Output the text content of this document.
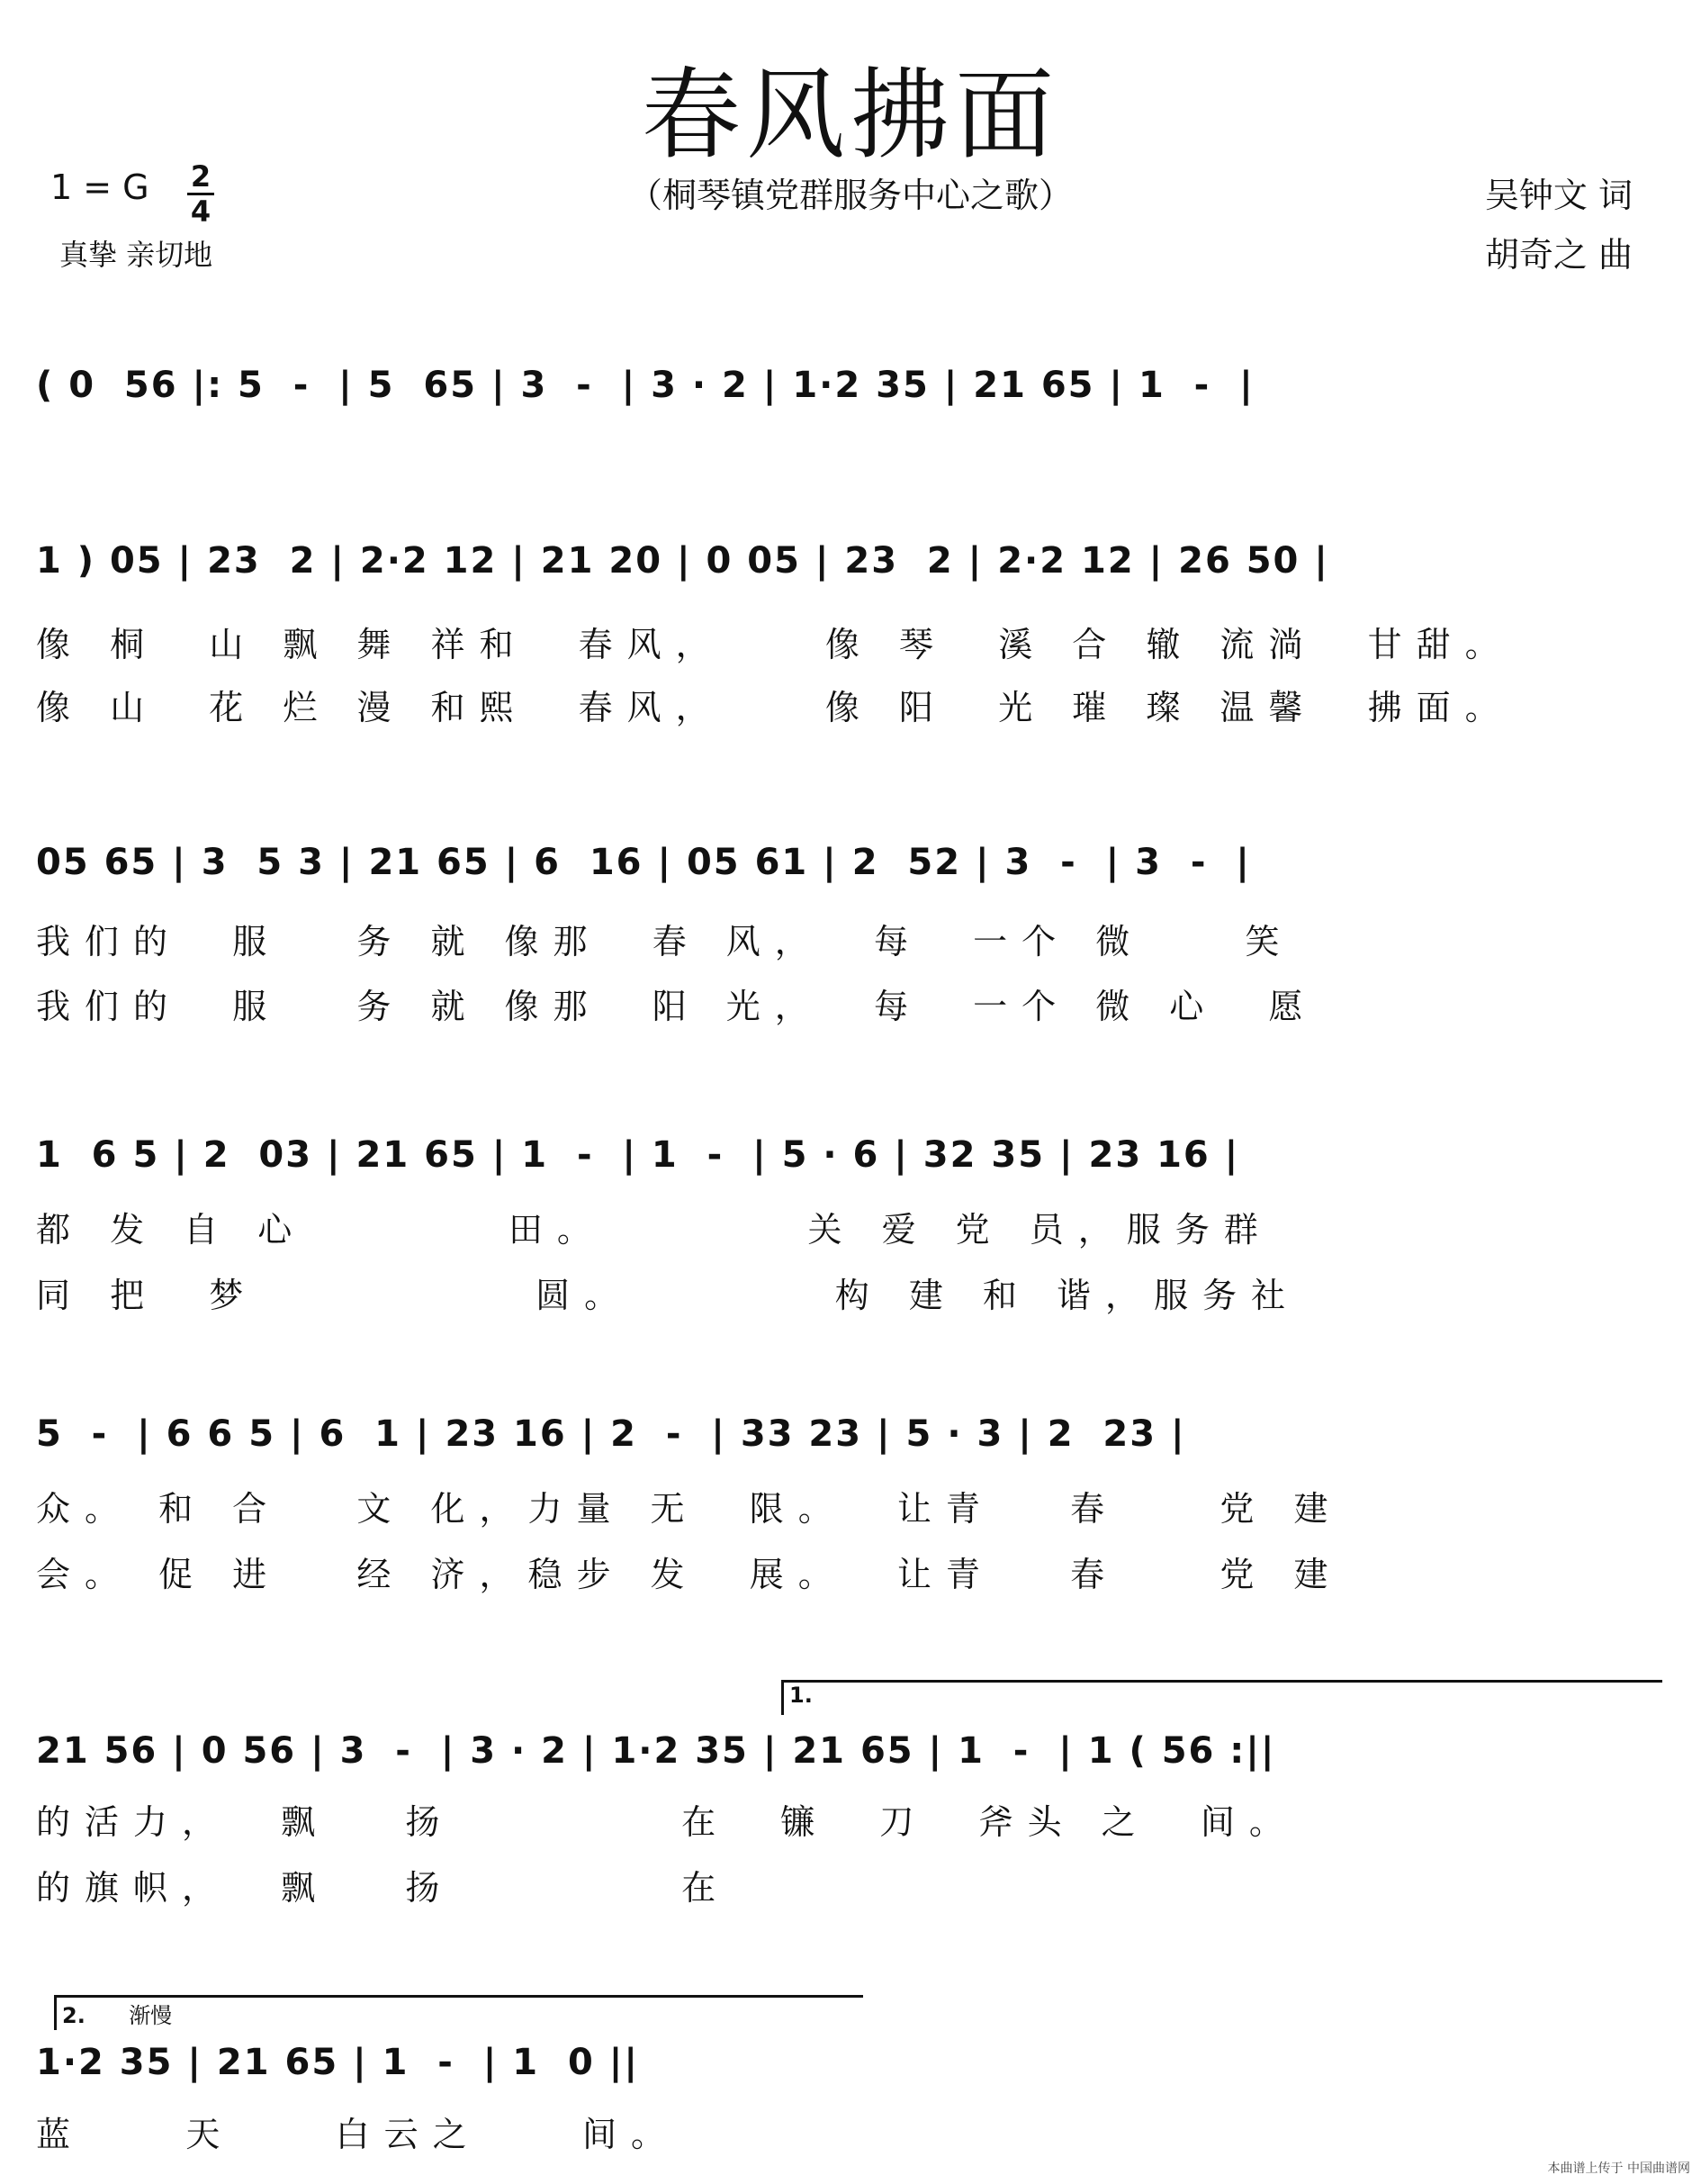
春风拂面
1 = G 2
4	（桐琴镇党群服务中心之歌）
真挚 亲切地
吴钟文 词
胡奇之 曲
( 0  56 |: 5  -  | 5  65 | 3  -  | 3 · 2 | 1·2 35 | 21 65 | 1  -  |
1 ) 05 | 23  2 | 2·2 12 | 21 20 | 0 05 | 23  2 | 2·2 12 | 26 50 |
像 桐  山 飘 舞 祥和  春风，    像 琴  溪 合 辙 流淌  甘甜。
像 山  花 烂 漫 和熙  春风，    像 阳  光 璀 璨 温馨  拂面。
05 65 | 3  5 3 | 21 65 | 6  16 | 05 61 | 2  52 | 3  -  | 3  -  |
我们的  服   务 就 像那  春 风，  每  一个 微    笑
我们的  服   务 就 像那  阳 光，  每  一个 微 心  愿
1  6 5 | 2  03 | 21 65 | 1  -  | 1  -  | 5 · 6 | 32 35 | 23 16 |
都 发 自 心        田。        关 爱 党 员，服务群
同 把  梦           圆。        构 建 和 谐，服务社
5  -  | 6 6 5 | 6  1 | 23 16 | 2  -  | 33 23 | 5 · 3 | 2  23 |
众。 和 合   文 化，力量 无  限。  让青   春    党 建
会。 促 进   经 济，稳步 发  展。  让青   春    党 建
1.
21 56 | 0 56 | 3  -  | 3 · 2 | 1·2 35 | 21 65 | 1  -  | 1 ( 56 :||
的活力，  飘   扬         在  镰  刀  斧头 之  间。
的旗帜，  飘   扬         在
2. 渐慢
1·2 35 | 21 65 | 1  -  | 1  0 ||
蓝    天    白云之    间。
本曲谱上传于 中国曲谱网
